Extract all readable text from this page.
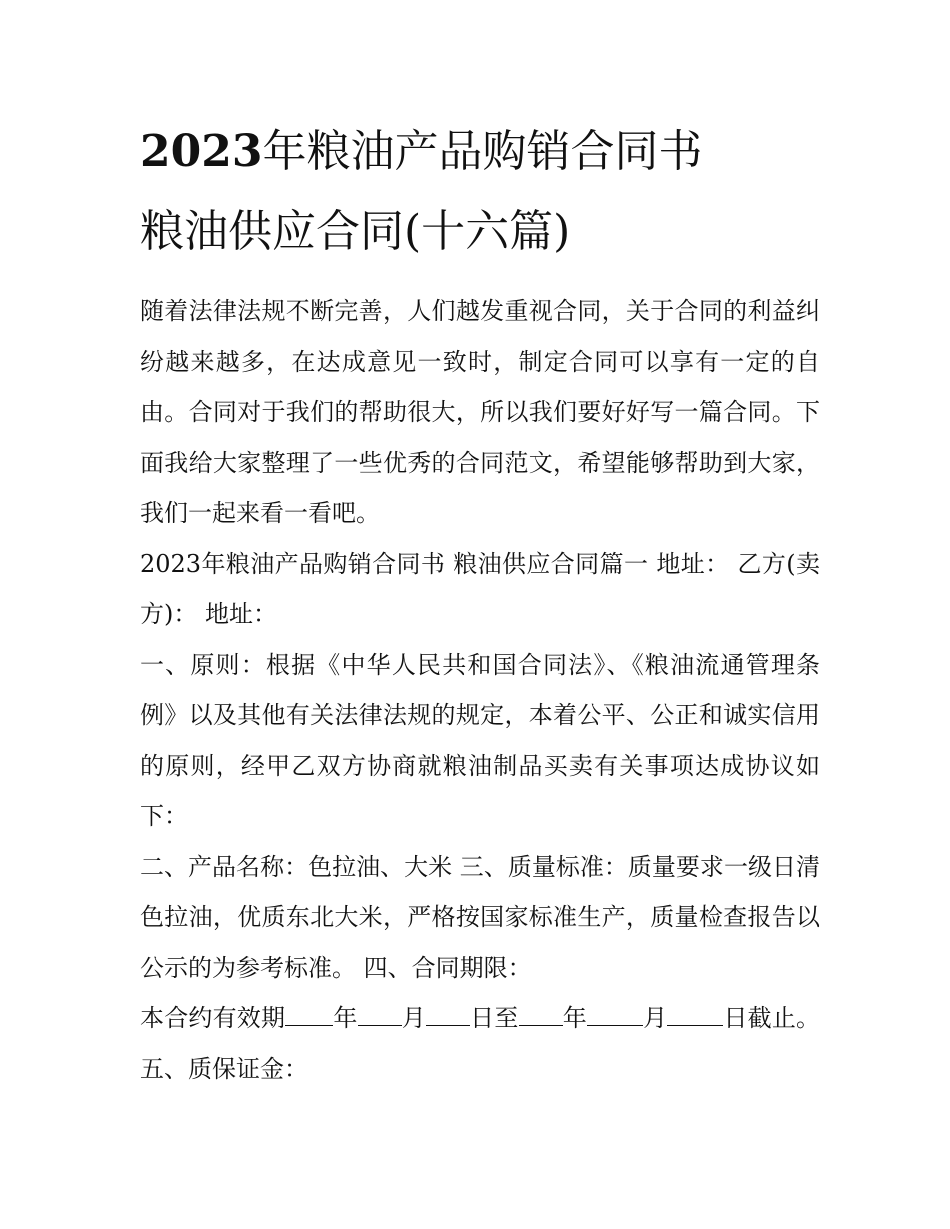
2023年粮油产品购销合同书
粮油供应合同(十六篇)

随着法律法规不断完善，人们越发重视合同，关于合同的利益纠纷越来越多，在达成意见一致时，制定合同可以享有一定的自由。合同对于我们的帮助很大，所以我们要好好写一篇合同。下面我给大家整理了一些优秀的合同范文，希望能够帮助到大家，我们一起来看一看吧。

2023年粮油产品购销合同书 粮油供应合同篇一 地址： 乙方(卖方)： 地址：

一、原则：根据《中华人民共和国合同法》、《粮油流通管理条例》以及其他有关法律法规的规定，本着公平、公正和诚实信用的原则，经甲乙双方协商就粮油制品买卖有关事项达成协议如下：

二、产品名称：色拉油、大米 三、质量标准：质量要求一级日清色拉油，优质东北大米，严格按国家标准生产，质量检查报告以公示的为参考标准。 四、合同期限：

本合约有效期 年 月 日至 年 月 日截止。 五、质保证金：
